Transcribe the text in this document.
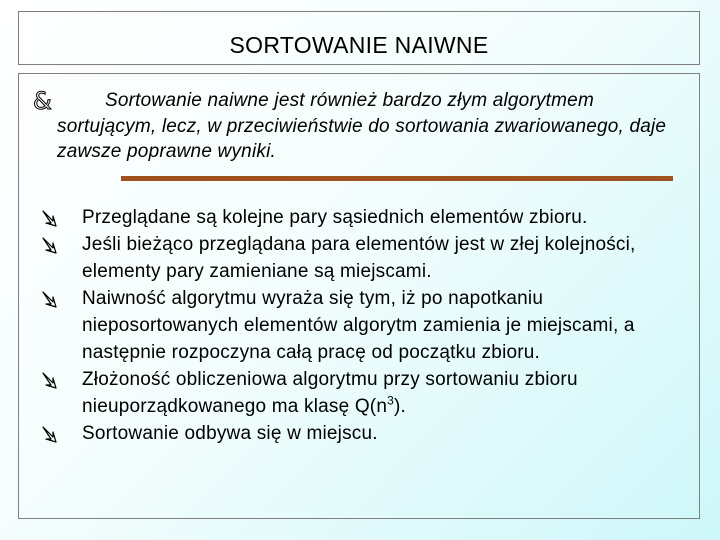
SORTOWANIE NAIWNE
&	Sortowanie naiwne jest również bardzo złym algorytmem sortującym, lecz, w przeciwieństwie do sortowania zwariowanego, daje zawsze poprawne wyniki.
Przeglądane są kolejne pary sąsiednich elementów zbioru.
Jeśli bieżąco przeglądana para elementów jest w złej kolejności, elementy pary zamieniane są miejscami.
Naiwność algorytmu wyraża się tym, iż po napotkaniu nieposortowanych elementów algorytm zamienia je miejscami, a następnie rozpoczyna całą pracę od początku zbioru.
Złożoność obliczeniowa algorytmu przy sortowaniu zbioru nieuporządkowanego ma klasę $Q(n^3)$.
Sortowanie odbywa się w miejscu.
